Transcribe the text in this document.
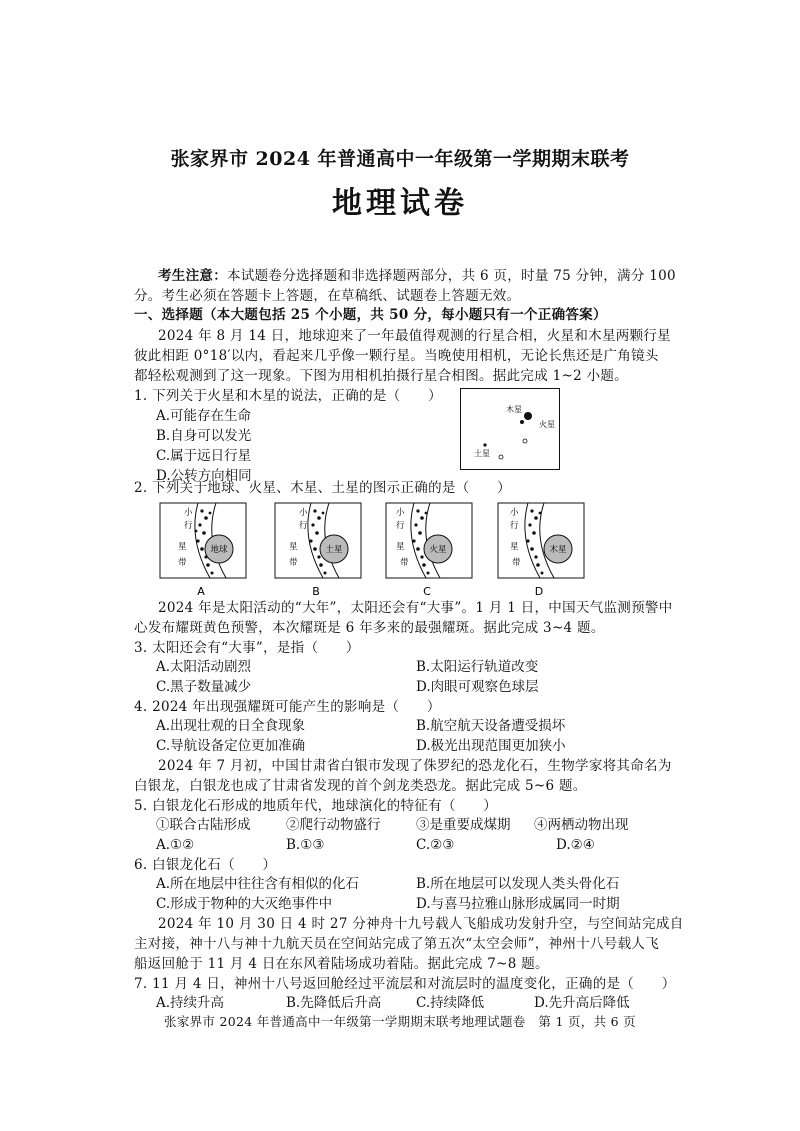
张家界市 2024 年普通高中一年级第一学期期末联考
地理试卷
考生注意：本试题卷分选择题和非选择题两部分，共 6 页，时量 75 分钟，满分 100
分。考生必须在答题卡上答题，在草稿纸、试题卷上答题无效。
一、选择题（本大题包括 25 个小题，共 50 分，每小题只有一个正确答案）
2024 年 8 月 14 日，地球迎来了一年最值得观测的行星合相，火星和木星两颗行星
彼此相距 0°18′以内，看起来几乎像一颗行星。当晚使用相机，无论长焦还是广角镜头
都轻松观测到了这一现象。下图为用相机拍摄行星合相图。据此完成 1~2 小题。
1. 下列关于火星和木星的说法，正确的是（　　）
A.可能存在生命
B.自身可以发光
C.属于远日行星
D.公转方向相同
木星
火星
土星
2. 下列关于地球、火星、木星、土星的图示正确的是（　　）
地球
小
行
星
带
A
土星
小
行
星
带
B
火星
小
行
星
带
C
木星
小
行
星
带
D
2024 年是太阳活动的“大年”，太阳还会有“大事”。1 月 1 日，中国天气监测预警中
心发布耀斑黄色预警，本次耀斑是 6 年多来的最强耀斑。据此完成 3~4 题。
3. 太阳还会有“大事”，是指（　　）
A.太阳活动剧烈	B.太阳运行轨道改变
C.黑子数量减少	D.肉眼可观察色球层
4. 2024 年出现强耀斑可能产生的影响是（　　）
A.出现壮观的日全食现象	B.航空航天设备遭受损坏
C.导航设备定位更加准确	D.极光出现范围更加狭小
2024 年 7 月初，中国甘肃省白银市发现了侏罗纪的恐龙化石，生物学家将其命名为
白银龙，白银龙也成了甘肃省发现的首个剑龙类恐龙。据此完成 5~6 题。
5. 白银龙化石形成的地质年代，地球演化的特征有（　　）
①联合古陆形成	②爬行动物盛行	③是重要成煤期 ④两栖动物出现
A.①②	B.①③	C.②③	D.②④
6. 白银龙化石（　　）
A.所在地层中往往含有相似的化石	B.所在地层可以发现人类头骨化石
C.形成于物种的大灭绝事件中	D.与喜马拉雅山脉形成属同一时期
2024 年 10 月 30 日 4 时 27 分神舟十九号载人飞船成功发射升空，与空间站完成自
主对接，神十八与神十九航天员在空间站完成了第五次“太空会师”，神州十八号载人飞
船返回舱于 11 月 4 日在东风着陆场成功着陆。据此完成 7~8 题。
7. 11 月 4 日，神州十八号返回舱经过平流层和对流层时的温度变化，正确的是（　　）
A.持续升高	B.先降低后升高	C.持续降低	D.先升高后降低
张家界市 2024 年普通高中一年级第一学期期末联考地理试题卷　第 1 页，共 6 页
